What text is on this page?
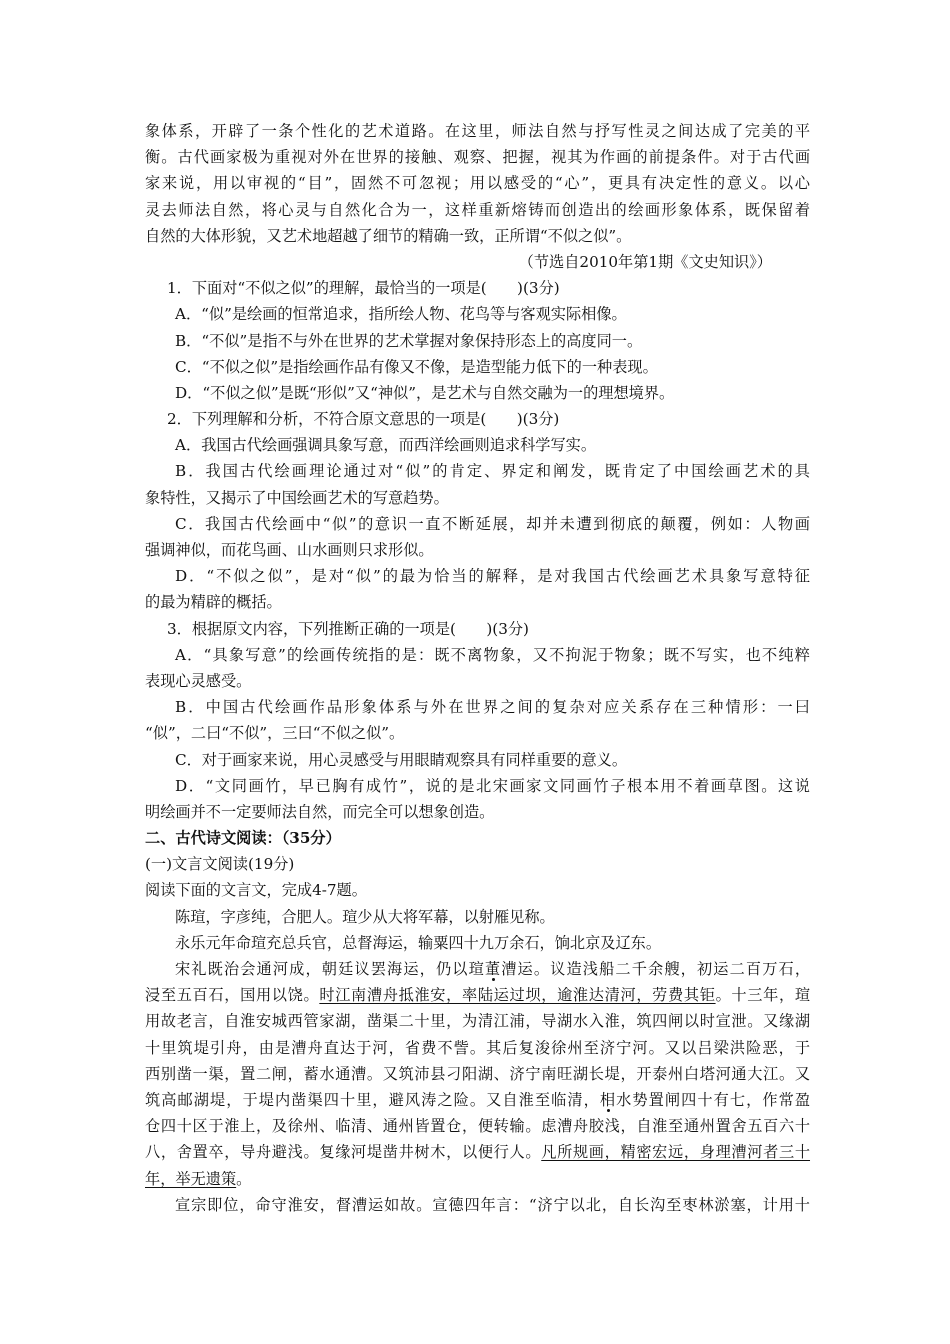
象体系，开辟了一条个性化的艺术道路。在这里，师法自然与抒写性灵之间达成了完美的平
衡。古代画家极为重视对外在世界的接触、观察、把握，视其为作画的前提条件。对于古代画
家来说，用以审视的“目”，固然不可忽视；用以感受的“心”，更具有决定性的意义。以心
灵去师法自然，将心灵与自然化合为一，这样重新熔铸而创造出的绘画形象体系，既保留着
自然的大体形貌，又艺术地超越了细节的精确一致，正所谓“不似之似”。
（节选自2010年第1期《文史知识》）
1．下面对“不似之似”的理解，最恰当的一项是(　　)(3分)
A．“似”是绘画的恒常追求，指所绘人物、花鸟等与客观实际相像。
B．“不似”是指不与外在世界的艺术掌握对象保持形态上的高度同一。
C．“不似之似”是指绘画作品有像又不像，是造型能力低下的一种表现。
D．“不似之似”是既“形似”又“神似”，是艺术与自然交融为一的理想境界。
2．下列理解和分析，不符合原文意思的一项是(　　)(3分)
A．我国古代绘画强调具象写意，而西洋绘画则追求科学写实。
B．我国古代绘画理论通过对“似”的肯定、界定和阐发，既肯定了中国绘画艺术的具
象特性，又揭示了中国绘画艺术的写意趋势。
C．我国古代绘画中“似”的意识一直不断延展，却并未遭到彻底的颠覆，例如：人物画
强调神似，而花鸟画、山水画则只求形似。
D．“不似之似”，是对“似”的最为恰当的解释，是对我国古代绘画艺术具象写意特征
的最为精辟的概括。
3．根据原文内容，下列推断正确的一项是(　　)(3分)
A．“具象写意”的绘画传统指的是：既不离物象，又不拘泥于物象；既不写实，也不纯粹
表现心灵感受。
B．中国古代绘画作品形象体系与外在世界之间的复杂对应关系存在三种情形：一曰
“似”，二曰“不似”，三曰“不似之似”。
C．对于画家来说，用心灵感受与用眼睛观察具有同样重要的意义。
D．“文同画竹，早已胸有成竹”，说的是北宋画家文同画竹子根本用不着画草图。这说
明绘画并不一定要师法自然，而完全可以想象创造。
二、古代诗文阅读：（35分）
(一)文言文阅读(19分)
阅读下面的文言文，完成4-7题。
陈瑄，字彦纯，合肥人。瑄少从大将军幕，以射雁见称。
永乐元年命瑄充总兵官，总督海运，输粟四十九万余石，饷北京及辽东。
宋礼既治会通河成，朝廷议罢海运，仍以瑄董漕运。议造浅船二千余艘，初运二百万石，
浸至五百石，国用以饶。时江南漕舟抵淮安，率陆运过坝，逾淮达清河，劳费其钜。十三年，瑄
用故老言，自淮安城西管家湖，凿渠二十里，为清江浦，导湖水入淮，筑四闸以时宣泄。又缘湖
十里筑堤引舟，由是漕舟直达于河，省费不訾。其后复浚徐州至济宁河。又以吕梁洪险恶，于
西别凿一渠，置二闸，蓄水通漕。又筑沛县刁阳湖、济宁南旺湖长堤，开泰州白塔河通大江。又
筑高邮湖堤，于堤内凿渠四十里，避风涛之险。又自淮至临清，相水势置闸四十有七，作常盈
仓四十区于淮上，及徐州、临清、通州皆置仓，便转输。虑漕舟胶浅，自淮至通州置舍五百六十
八，舍置卒，导舟避浅。复缘河堤凿井树木，以便行人。凡所规画，精密宏远，身理漕河者三十
年，举无遗策。
宣宗即位，命守淮安，督漕运如故。宣德四年言：“济宁以北，自长沟至枣林淤塞，计用十
